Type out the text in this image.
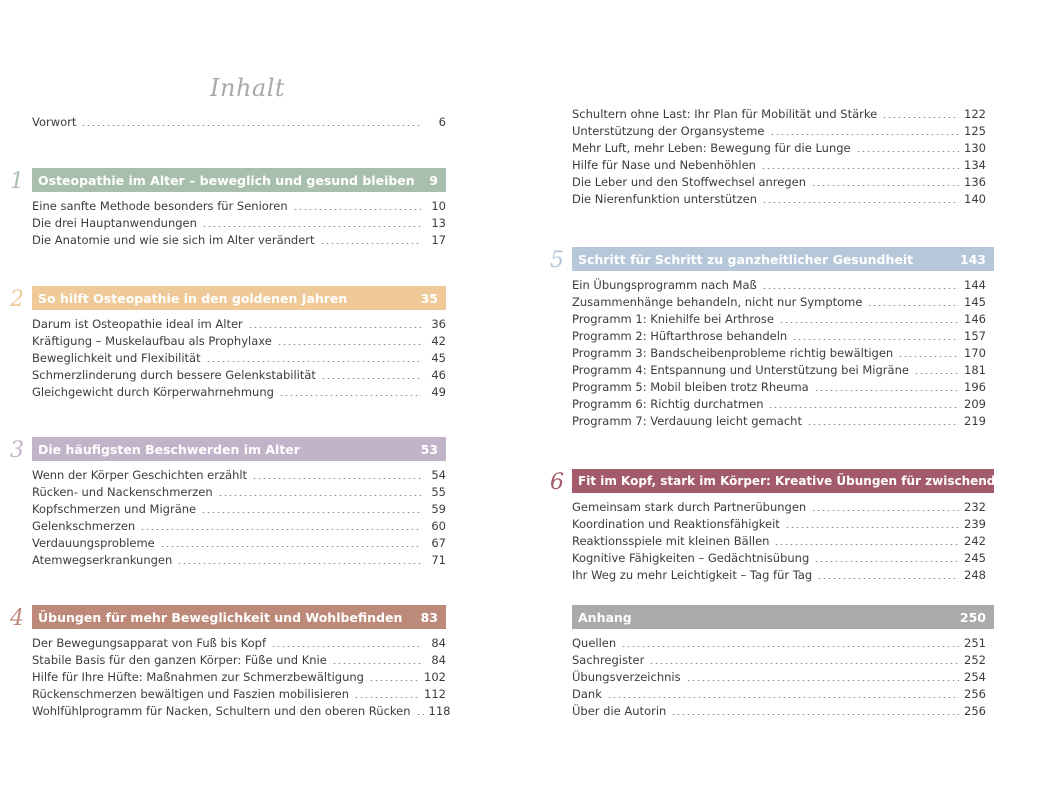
Inhalt
Vorwort	6
1	Osteopathie im Alter – beweglich und gesund bleiben	9
Eine sanfte Methode besonders für Senioren	10
Die drei Hauptanwendungen	13
Die Anatomie und wie sie sich im Alter verändert	17
2	So hilft Osteopathie in den goldenen Jahren	35
Darum ist Osteopathie ideal im Alter	36
Kräftigung – Muskelaufbau als Prophylaxe	42
Beweglichkeit und Flexibilität	45
Schmerzlinderung durch bessere Gelenkstabilität	46
Gleichgewicht durch Körperwahrnehmung	49
3	Die häufigsten Beschwerden im Alter	53
Wenn der Körper Geschichten erzählt	54
Rücken- und Nackenschmerzen	55
Kopfschmerzen und Migräne	59
Gelenkschmerzen	60
Verdauungsprobleme	67
Atemwegserkrankungen	71
4	Übungen für mehr Beweglichkeit und Wohlbefinden	83
Der Bewegungsapparat von Fuß bis Kopf	84
Stabile Basis für den ganzen Körper: Füße und Knie	84
Hilfe für Ihre Hüfte: Maßnahmen zur Schmerzbewältigung	102
Rückenschmerzen bewältigen und Faszien mobilisieren	112
Wohlfühlprogramm für Nacken, Schultern und den oberen Rücken 118
Schultern ohne Last: Ihr Plan für Mobilität und Stärke	122
Unterstützung der Organsysteme	125
Mehr Luft, mehr Leben: Bewegung für die Lunge	130
Hilfe für Nase und Nebenhöhlen	134
Die Leber und den Stoffwechsel anregen	136
Die Nierenfunktion unterstützen	140
5	Schritt für Schritt zu ganzheitlicher Gesundheit	143
Ein Übungsprogramm nach Maß	144
Zusammenhänge behandeln, nicht nur Symptome	145
Programm 1: Kniehilfe bei Arthrose	146
Programm 2: Hüftarthrose behandeln	157
Programm 3: Bandscheibenprobleme richtig bewältigen	170
Programm 4: Entspannung und Unterstützung bei Migräne	181
Programm 5: Mobil bleiben trotz Rheuma	196
Programm 6: Richtig durchatmen	209
Programm 7: Verdauung leicht gemacht	219
6	Fit im Kopf, stark im Körper: Kreative Übungen für zwischendurch 231
Gemeinsam stark durch Partnerübungen	232
Koordination und Reaktionsfähigkeit	239
Reaktionsspiele mit kleinen Bällen	242
Kognitive Fähigkeiten – Gedächtnisübung	245
Ihr Weg zu mehr Leichtigkeit – Tag für Tag	248
Anhang	250
Quellen	251
Sachregister	252
Übungsverzeichnis	254
Dank	256
Über die Autorin	256
